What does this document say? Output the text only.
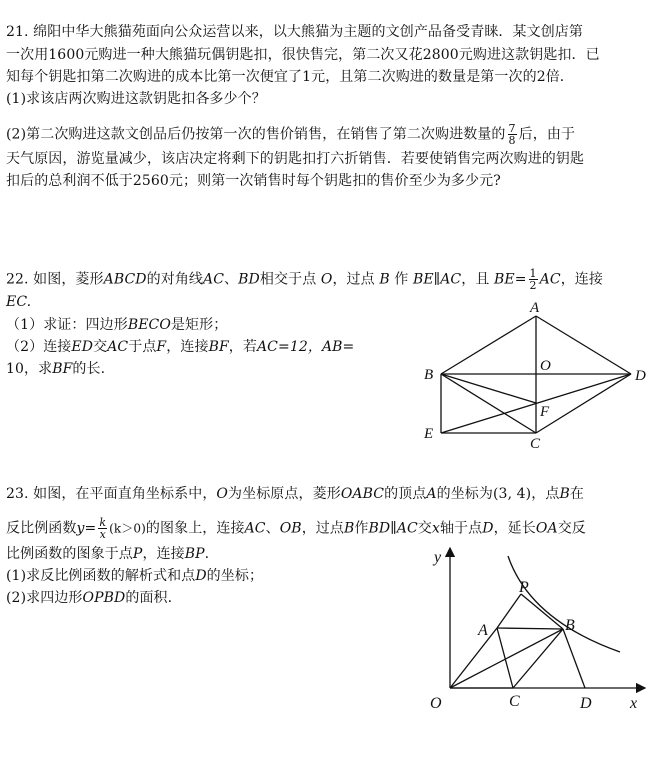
21. 绵阳中华大熊猫苑面向公众运营以来，以大熊猫为主题的文创产品备受青睐．某文创店第
一次用1600元购进一种大熊猫玩偶钥匙扣，很快售完，第二次又花2800元购进这款钥匙扣．已
知每个钥匙扣第二次购进的成本比第一次便宜了1元，且第二次购进的数量是第一次的2倍．
(1)求该店两次购进这款钥匙扣各多少个？
(2)第二次购进这款文创品后仍按第一次的售价销售，在销售了第二次购进数量的 $\frac{7}{8}$ 后，由于
天气原因，游览量减少，该店决定将剩下的钥匙扣打六折销售．若要使销售完两次购进的钥匙
扣后的总利润不低于2560元；则第一次销售时每个钥匙扣的售价至少为多少元?
22. 如图，菱形ABCD的对角线AC、BD相交于点 O，过点 B 作 BE∥AC，且 $BE= \frac{1}{2}$ AC，连接
EC.
（1）求证：四边形BECO是矩形；
（2）连接ED交AC于点F，连接BF，若AC=12，AB=
10，求BF的长.
A
B
C
D
E
F
O
23. 如图，在平面直角坐标系中，O为坐标原点，菱形OABC的顶点A的坐标为(3, 4)，点B在
反比例函数$y= \frac{k}{x} (k>0)$的图象上，连接AC、OB，过点B作BD∥AC交x轴于点D，延长OA交反
比例函数的图象于点P，连接BP.
(1)求反比例函数的解析式和点D的坐标；
(2)求四边形OPBD的面积.
y
x
O
A	B
C	D
P
